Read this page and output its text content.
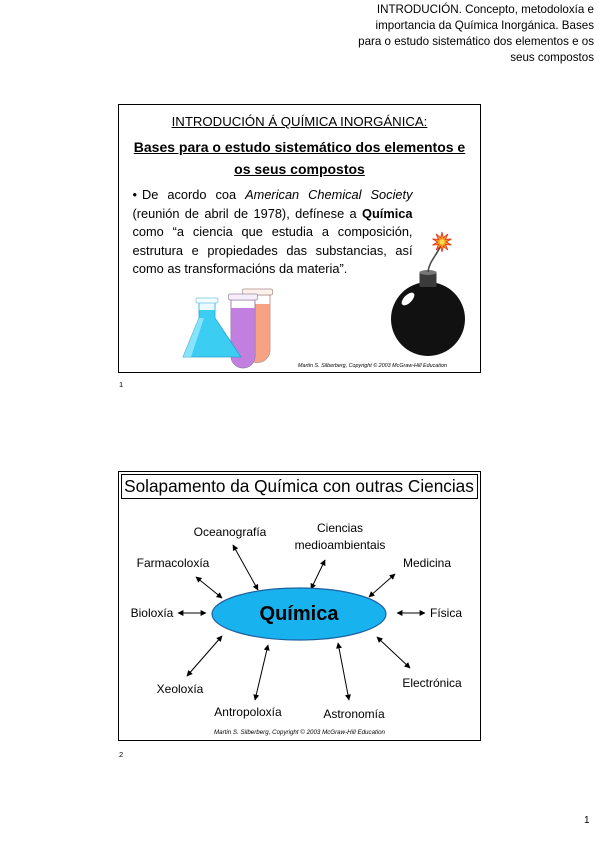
INTRODUCIÓN. Concepto, metodoloxía e
importancia da Química Inorgánica. Bases
para o estudo sistemático dos elementos e os
seus compostos
INTRODUCIÓN Á QUÍMICA INORGÁNICA:
Bases para o estudo sistemático dos elementos e os seus compostos

• De acordo coa American Chemical Society (reunión de abril de 1978), defínese a Química como “a ciencia que estudia a composición, estrutura e propiedades das substancias, así como as transformacións da materia”.

Martin S. Silberberg, Copyright © 2003 McGraw-Hill Education
1
Química
Oceanografía	Ciencias
medioambientais
Farmacoloxía	Medicina
Bioloxía	Física
Xeoloxía
Antropoloxía	Astronomía
Electrónica
Solapamento da Química con outras Ciencias
Martin S. Silberberg, Copyright © 2003 McGraw-Hill Education
2
1
